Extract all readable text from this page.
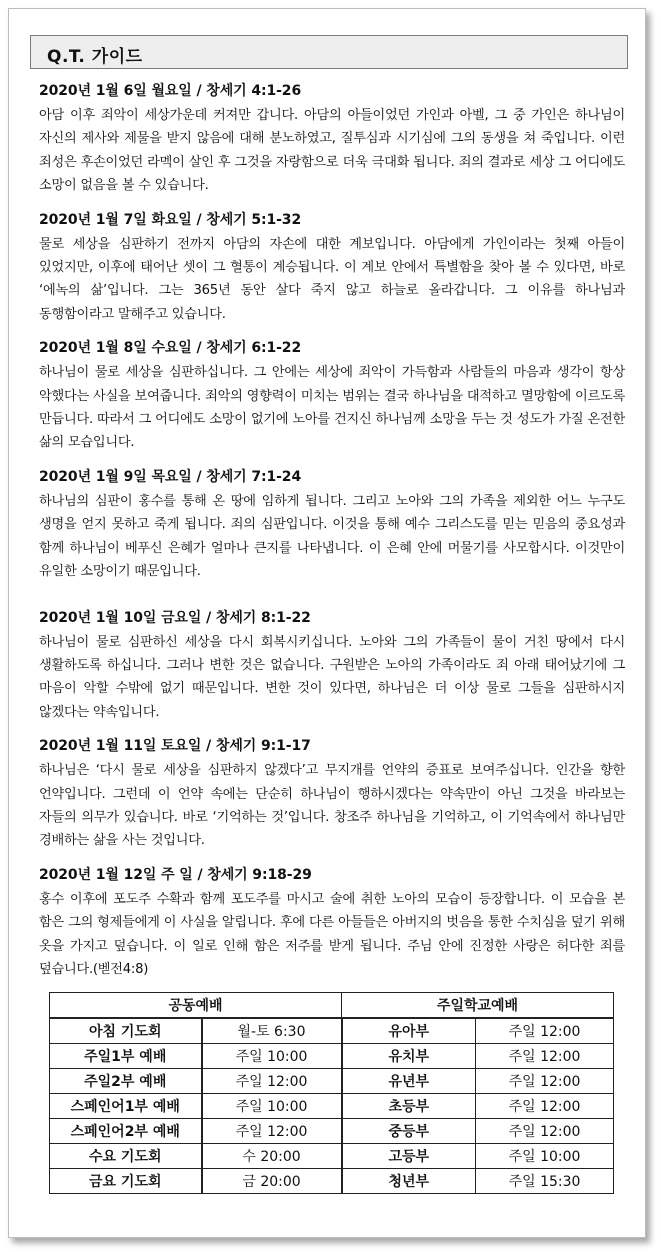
Q.T. 가이드
2020년 1월 6일 월요일 / 창세기 4:1-26
아담 이후 죄악이 세상가운데 커져만 갑니다. 아담의 아들이었던 가인과 아벨, 그 중 가인은 하나님이 자신의 제사와 제물을 받지 않음에 대해 분노하였고, 질투심과 시기심에 그의 동생을 쳐 죽입니다. 이런 죄성은 후손이었던 라멕이 살인 후 그것을 자랑함으로 더욱 극대화 됩니다. 죄의 결과로 세상 그 어디에도 소망이 없음을 볼 수 있습니다.
2020년 1월 7일 화요일 / 창세기 5:1-32
물로 세상을 심판하기 전까지 아담의 자손에 대한 계보입니다. 아담에게 가인이라는 첫째 아들이 있었지만, 이후에 태어난 셋이 그 혈통이 계승됩니다. 이 계보 안에서 특별함을 찾아 볼 수 있다면, 바로 ‘에녹의 삶’입니다. 그는 365년 동안 살다 죽지 않고 하늘로 올라갑니다. 그 이유를 하나님과 동행함이라고 말해주고 있습니다.
2020년 1월 8일 수요일 / 창세기 6:1-22
하나님이 물로 세상을 심판하십니다. 그 안에는 세상에 죄악이 가득함과 사람들의 마음과 생각이 항상 악했다는 사실을 보여줍니다. 죄악의 영향력이 미치는 범위는 결국 하나님을 대적하고 멸망함에 이르도록 만듭니다. 따라서 그 어디에도 소망이 없기에 노아를 건지신 하나님께 소망을 두는 것 성도가 가질 온전한 삶의 모습입니다.
2020년 1월 9일 목요일 / 창세기 7:1-24
하나님의 심판이 홍수를 통해 온 땅에 임하게 됩니다. 그리고 노아와 그의 가족을 제외한 어느 누구도 생명을 얻지 못하고 죽게 됩니다. 죄의 심판입니다. 이것을 통해 예수 그리스도를 믿는 믿음의 중요성과 함께 하나님이 베푸신 은혜가 얼마나 큰지를 나타냅니다. 이 은혜 안에 머물기를 사모합시다. 이것만이 유일한 소망이기 때문입니다.
2020년 1월 10일 금요일 / 창세기 8:1-22
하나님이 물로 심판하신 세상을 다시 회복시키십니다. 노아와 그의 가족들이 물이 거친 땅에서 다시 생활하도록 하십니다. 그러나 변한 것은 없습니다. 구원받은 노아의 가족이라도 죄 아래 태어났기에 그 마음이 악할 수밖에 없기 때문입니다. 변한 것이 있다면, 하나님은 더 이상 물로 그들을 심판하시지 않겠다는 약속입니다.
2020년 1월 11일 토요일 / 창세기 9:1-17
하나님은 ‘다시 물로 세상을 심판하지 않겠다’고 무지개를 언약의 증표로 보여주십니다. 인간을 향한 언약입니다. 그런데 이 언약 속에는 단순히 하나님이 행하시겠다는 약속만이 아닌 그것을 바라보는 자들의 의무가 있습니다. 바로 ‘기억하는 것’입니다. 창조주 하나님을 기억하고, 이 기억속에서 하나님만 경배하는 삶을 사는 것입니다.
2020년 1월 12일 주 일 / 창세기 9:18-29
홍수 이후에 포도주 수확과 함께 포도주를 마시고 술에 취한 노아의 모습이 등장합니다. 이 모습을 본 함은 그의 형제들에게 이 사실을 알립니다. 후에 다른 아들들은 아버지의 벗음을 통한 수치심을 덮기 위해 옷을 가지고 덮습니다. 이 일로 인해 함은 저주를 받게 됩니다. 주님 안에 진정한 사랑은 허다한 죄를 덮습니다.(벧전4:8)
공동예배		주일학교예배	
아침 기도회	월-토 6:30	유아부	주일 12:00
주일1부 예배	주일 10:00	유치부	주일 12:00
주일2부 예배	주일 12:00	유년부	주일 12:00
스페인어1부 예배	주일 10:00	초등부	주일 12:00
스페인어2부 예배	주일 12:00	중등부	주일 12:00
수요 기도회	수 20:00	고등부	주일 10:00
금요 기도회	금 20:00	청년부	주일 15:30
